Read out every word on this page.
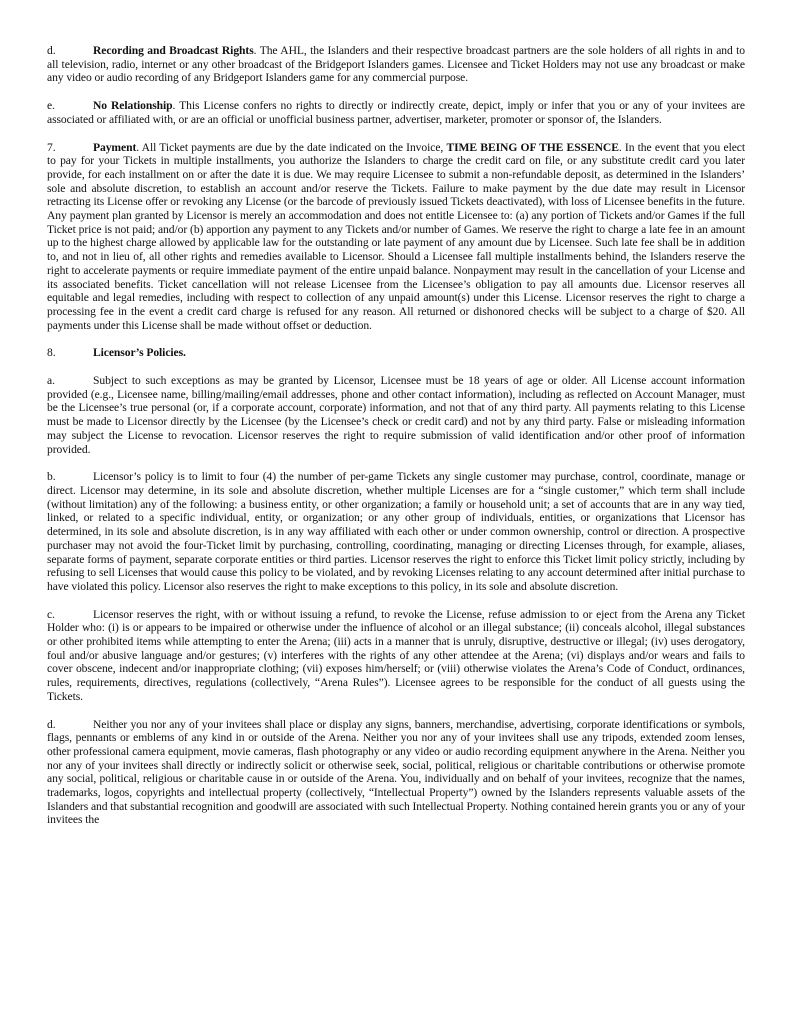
d.	Recording and Broadcast Rights. The AHL, the Islanders and their respective broadcast partners are the sole holders of all rights in and to all television, radio, internet or any other broadcast of the Bridgeport Islanders games. Licensee and Ticket Holders may not use any broadcast or make any video or audio recording of any Bridgeport Islanders game for any commercial purpose.

e.	No Relationship. This License confers no rights to directly or indirectly create, depict, imply or infer that you or any of your invitees are associated or affiliated with, or are an official or unofficial business partner, advertiser, marketer, promoter or sponsor of, the Islanders.

7.	Payment. All Ticket payments are due by the date indicated on the Invoice, TIME BEING OF THE ESSENCE. In the event that you elect to pay for your Tickets in multiple installments, you authorize the Islanders to charge the credit card on file, or any substitute credit card you later provide, for each installment on or after the date it is due. We may require Licensee to submit a non-refundable deposit, as determined in the Islanders’ sole and absolute discretion, to establish an account and/or reserve the Tickets. Failure to make payment by the due date may result in Licensor retracting its License offer or revoking any License (or the barcode of previously issued Tickets deactivated), with loss of Licensee benefits in the future. Any payment plan granted by Licensor is merely an accommodation and does not entitle Licensee to: (a) any portion of Tickets and/or Games if the full Ticket price is not paid; and/or (b) apportion any payment to any Tickets and/or number of Games. We reserve the right to charge a late fee in an amount up to the highest charge allowed by applicable law for the outstanding or late payment of any amount due by Licensee. Such late fee shall be in addition to, and not in lieu of, all other rights and remedies available to Licensor. Should a Licensee fall multiple installments behind, the Islanders reserve the right to accelerate payments or require immediate payment of the entire unpaid balance. Nonpayment may result in the cancellation of your License and its associated benefits. Ticket cancellation will not release Licensee from the Licensee’s obligation to pay all amounts due. Licensor reserves all equitable and legal remedies, including with respect to collection of any unpaid amount(s) under this License. Licensor reserves the right to charge a processing fee in the event a credit card charge is refused for any reason. All returned or dishonored checks will be subject to a charge of $20. All payments under this License shall be made without offset or deduction.

8.	Licensor’s Policies.

a.	Subject to such exceptions as may be granted by Licensor, Licensee must be 18 years of age or older. All License account information provided (e.g., Licensee name, billing/mailing/email addresses, phone and other contact information), including as reflected on Account Manager, must be the Licensee’s true personal (or, if a corporate account, corporate) information, and not that of any third party. All payments relating to this License must be made to Licensor directly by the Licensee (by the Licensee’s check or credit card) and not by any third party. False or misleading information may subject the License to revocation. Licensor reserves the right to require submission of valid identification and/or other proof of information provided.

b.	Licensor’s policy is to limit to four (4) the number of per-game Tickets any single customer may purchase, control, coordinate, manage or direct. Licensor may determine, in its sole and absolute discretion, whether multiple Licenses are for a “single customer,” which term shall include (without limitation) any of the following: a business entity, or other organization; a family or household unit; a set of accounts that are in any way tied, linked, or related to a specific individual, entity, or organization; or any other group of individuals, entities, or organizations that Licensor has determined, in its sole and absolute discretion, is in any way affiliated with each other or under common ownership, control or direction. A prospective purchaser may not avoid the four-Ticket limit by purchasing, controlling, coordinating, managing or directing Licenses through, for example, aliases, separate forms of payment, separate corporate entities or third parties. Licensor reserves the right to enforce this Ticket limit policy strictly, including by refusing to sell Licenses that would cause this policy to be violated, and by revoking Licenses relating to any account determined after initial purchase to have violated this policy. Licensor also reserves the right to make exceptions to this policy, in its sole and absolute discretion.

c.	Licensor reserves the right, with or without issuing a refund, to revoke the License, refuse admission to or eject from the Arena any Ticket Holder who: (i) is or appears to be impaired or otherwise under the influence of alcohol or an illegal substance; (ii) conceals alcohol, illegal substances or other prohibited items while attempting to enter the Arena; (iii) acts in a manner that is unruly, disruptive, destructive or illegal; (iv) uses derogatory, foul and/or abusive language and/or gestures; (v) interferes with the rights of any other attendee at the Arena; (vi) displays and/or wears and fails to cover obscene, indecent and/or inappropriate clothing; (vii) exposes him/herself; or (viii) otherwise violates the Arena’s Code of Conduct, ordinances, rules, requirements, directives, regulations (collectively, “Arena Rules”). Licensee agrees to be responsible for the conduct of all guests using the Tickets.

d.	Neither you nor any of your invitees shall place or display any signs, banners, merchandise, advertising, corporate identifications or symbols, flags, pennants or emblems of any kind in or outside of the Arena. Neither you nor any of your invitees shall use any tripods, extended zoom lenses, other professional camera equipment, movie cameras, flash photography or any video or audio recording equipment anywhere in the Arena. Neither you nor any of your invitees shall directly or indirectly solicit or otherwise seek, social, political, religious or charitable contributions or otherwise promote any social, political, religious or charitable cause in or outside of the Arena. You, individually and on behalf of your invitees, recognize that the names, trademarks, logos, copyrights and intellectual property (collectively, “Intellectual Property”) owned by the Islanders represents valuable assets of the Islanders and that substantial recognition and goodwill are associated with such Intellectual Property. Nothing contained herein grants you or any of your invitees the
